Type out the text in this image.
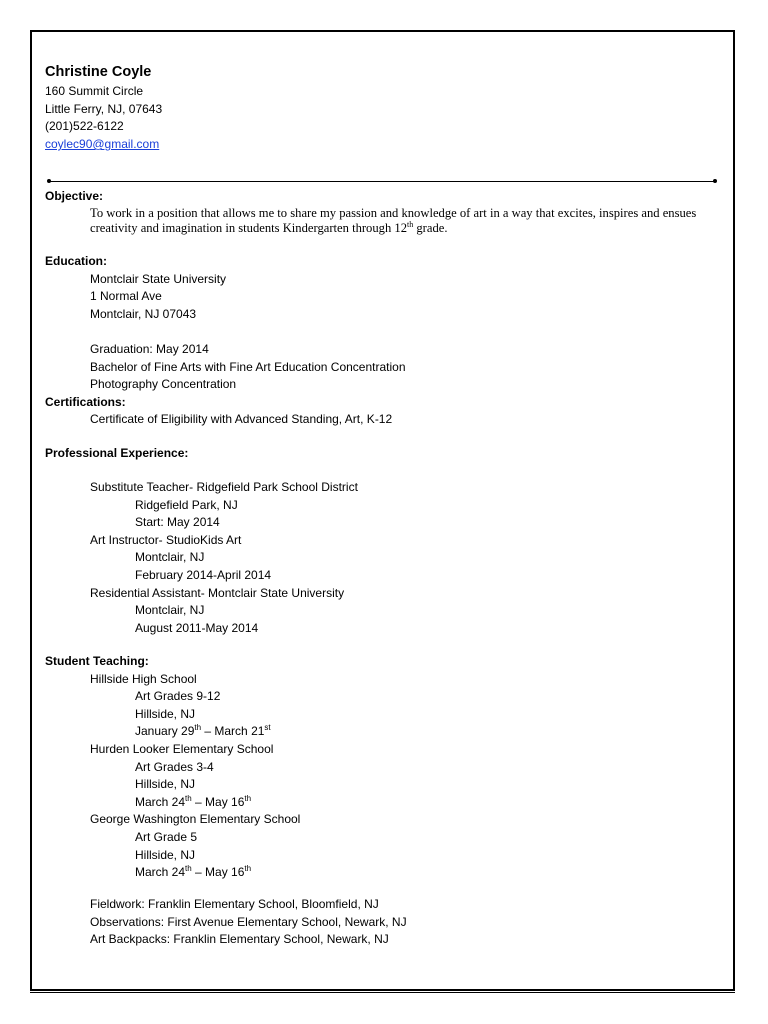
Christine Coyle
160 Summit Circle
Little Ferry, NJ, 07643
(201)522-6122
coylec90@gmail.com
Objective:
To work in a position that allows me to share my passion and knowledge of art in a way that excites, inspires and ensues creativity and imagination in students Kindergarten through 12th grade.
Education:
Montclair State University
1 Normal Ave
Montclair, NJ 07043
Graduation: May 2014
Bachelor of Fine Arts with Fine Art Education Concentration
Photography Concentration
Certifications:
Certificate of Eligibility with Advanced Standing, Art, K-12
Professional Experience:
Substitute Teacher- Ridgefield Park School District
Ridgefield Park, NJ
Start: May 2014
Art Instructor- StudioKids Art
Montclair, NJ
February 2014-April 2014
Residential Assistant- Montclair State University
Montclair, NJ
August 2011-May 2014
Student Teaching:
Hillside High School
Art Grades 9-12
Hillside, NJ
January 29th – March 21st
Hurden Looker Elementary School
Art Grades 3-4
Hillside, NJ
March 24th – May 16th
George Washington Elementary School
Art Grade 5
Hillside, NJ
March 24th – May 16th
Fieldwork: Franklin Elementary School, Bloomfield, NJ
Observations: First Avenue Elementary School, Newark, NJ
Art Backpacks: Franklin Elementary School, Newark, NJ
